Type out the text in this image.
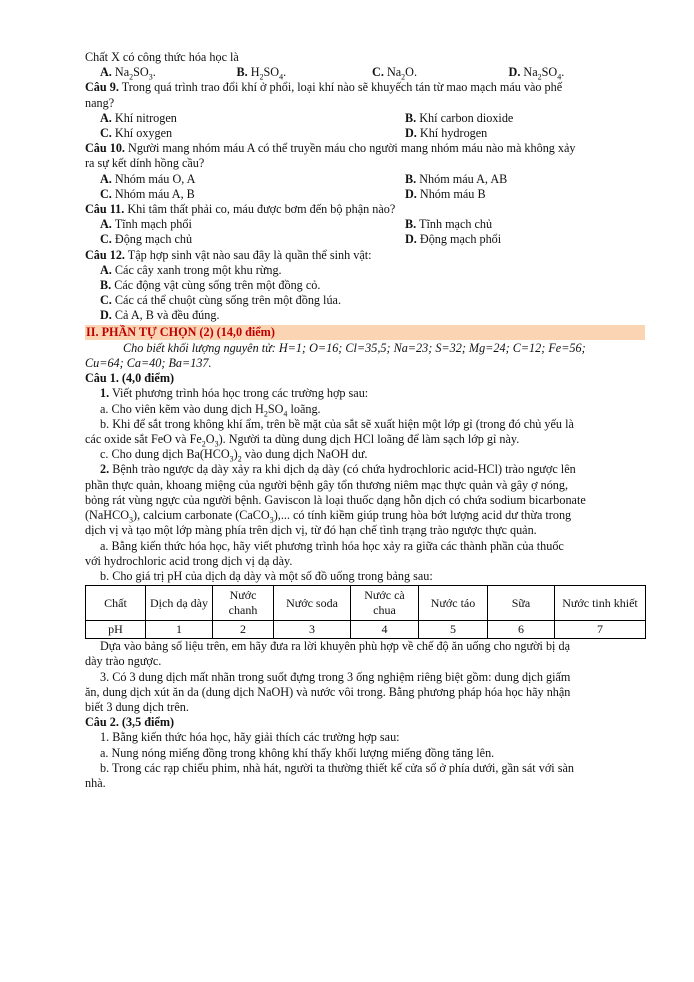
Chất X có công thức hóa học là

A. $Na_2SO_3$.	B. $H_2SO_4$.	C. $Na_2O$.	D. $Na_2SO_4$.

Câu 9. Trong quá trình trao đổi khí ở phổi, loại khí nào sẽ khuyếch tán từ mao mạch máu vào phế

nang?

A. Khí nitrogen	B. Khí carbon dioxide
C. Khí oxygen	D. Khí hydrogen

Câu 10. Người mang nhóm máu A có thể truyền máu cho người mang nhóm máu nào mà không xảy

ra sự kết dính hồng cầu?

A. Nhóm máu O, A	B. Nhóm máu A, AB
C. Nhóm máu A, B	D. Nhóm máu B

Câu 11. Khi tâm thất phải co, máu được bơm đến bộ phận nào?

A. Tĩnh mạch phổi	B. Tĩnh mạch chủ
C. Động mạch chủ	D. Động mạch phổi

Câu 12. Tập hợp sinh vật nào sau đây là quần thể sinh vật:

A. Các cây xanh trong một khu rừng.

B. Các động vật cùng sống trên một đồng cỏ.

C. Các cá thể chuột cùng sống trên một đồng lúa.

D. Cả A, B và đều đúng.

II. PHẦN TỰ CHỌN (2) (14,0 điểm)

Cho biết khối lượng nguyên tử: H=1; O=16; Cl=35,5; Na=23; S=32; Mg=24; C=12; Fe=56;

Cu=64; Ca=40; Ba=137.

Câu 1. (4,0 điểm)

1. Viết phương trình hóa học trong các trường hợp sau:

a. Cho viên kẽm vào dung dịch $H_2SO_4$ loãng.

b. Khi để sắt trong không khí ẩm, trên bề mặt của sắt sẽ xuất hiện một lớp gỉ (trong đó chủ yếu là

các oxide sắt FeO và $Fe_2O_3$). Người ta dùng dung dịch HCl loãng để làm sạch lớp gỉ này.

c. Cho dung dịch $Ba(HCO_3)_2$ vào dung dịch NaOH dư.

2. Bệnh trào ngược dạ dày xảy ra khi dịch dạ dày (có chứa hydrochloric acid-HCl) trào ngược lên

phần thực quản, khoang miệng của người bệnh gây tổn thương niêm mạc thực quản và gây ợ nóng,

bỏng rát vùng ngực của người bệnh. Gaviscon là loại thuốc dạng hỗn dịch có chứa sodium bicarbonate

(NaHCO$_3$), calcium carbonate (CaCO$_3$),... có tính kiềm giúp trung hòa bớt lượng acid dư thừa trong

dịch vị và tạo một lớp màng phía trên dịch vị, từ đó hạn chế tình trạng trào ngược thực quản.

a. Bằng kiến thức hóa học, hãy viết phương trình hóa học xảy ra giữa các thành phần của thuốc

với hydrochloric acid trong dịch vị dạ dày.

b. Cho giá trị pH của dịch dạ dày và một số đồ uống trong bảng sau:

Chất	Dịch dạ dày	Nước chanh	Nước soda	Nước cà chua	Nước táo	Sữa	Nước tinh khiết
pH	1	2	3	4	5	6	7

Dựa vào bảng số liệu trên, em hãy đưa ra lời khuyên phù hợp về chế độ ăn uống cho người bị dạ

dày trào ngược.

3. Có 3 dung dịch mất nhãn trong suốt đựng trong 3 ống nghiệm riêng biệt gồm: dung dịch giấm

ăn, dung dịch xút ăn da (dung dịch NaOH) và nước vôi trong. Bằng phương pháp hóa học hãy nhận

biết 3 dung dịch trên.

Câu 2. (3,5 điểm)

1. Bằng kiến thức hóa học, hãy giải thích các trường hợp sau:

a. Nung nóng miếng đồng trong không khí thấy khối lượng miếng đồng tăng lên.

b. Trong các rạp chiếu phim, nhà hát, người ta thường thiết kế cửa sổ ở phía dưới, gần sát với sàn

nhà.
